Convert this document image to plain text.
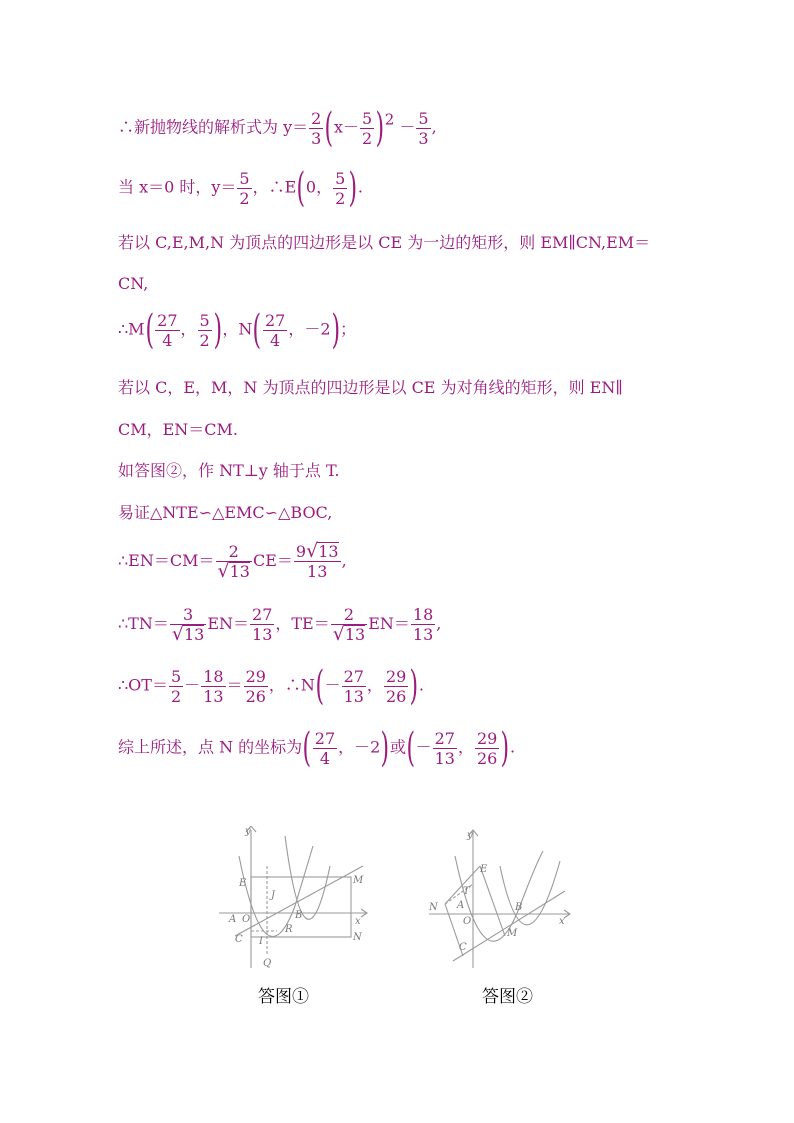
∴新抛物线的解析式为 $y= \frac{2}{3} (x- \frac{5}{2} )2 - \frac{5}{3}$ ,
当 x＝0 时，$y= \frac{5}{2}$ ，∴E(0， $\frac{5}{2}$ ).
若以 C,E,M,N 为顶点的四边形是以 CE 为一边的矩形，则 EM∥CN,EM＝
CN,
∴M( $\frac{27}{4}$ ， $\frac{5}{2}$ )，$N( \frac{27}{4}$ ，－2)；
若以 C，E，M，N 为顶点的四边形是以 CE 为对角线的矩形，则 EN∥
CM，EN＝CM.
如答图②，作 NT⊥y 轴于点 T.
易证△NTE∽△EMC∽△BOC,
∴EN＝CM＝ $\frac{2}{√13} CE= \frac{9√13}{13}$ ,
∴TN＝ $\frac{3}{√13} EN= \frac{27}{13}$ ，$TE= \frac{2}{√13} EN= \frac{18}{13}$ ,
∴OT＝ $\frac{5}{2} - \frac{18}{13} = \frac{29}{26}$ ，∴N(－ $\frac{27}{13}$ ， $\frac{29}{26}$ ).
综上所述，点 N 的坐标为( $\frac{27}{4}$ ，－2)或(－ $\frac{27}{13}$ ， $\frac{29}{26}$ ).
y
x
E	M
J
A O	B
R
C I
Q
N
答图①
y
x
E
T
N A
O
B
M
C
答图②
